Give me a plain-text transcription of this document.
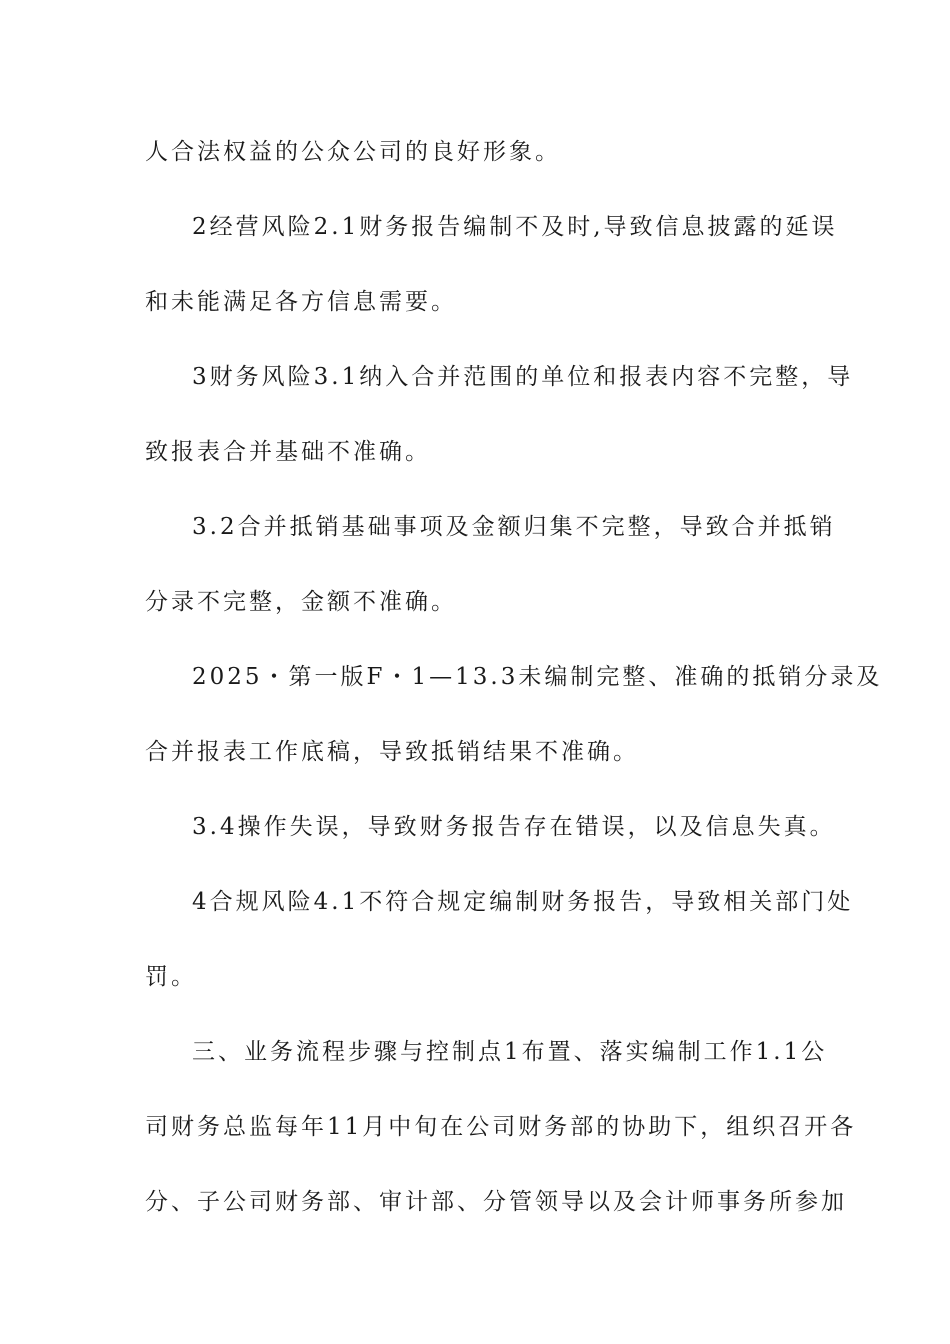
人合法权益的公众公司的良好形象。
2经营风险2.1财务报告编制不及时,导致信息披露的延误
和未能满足各方信息需要。
3财务风险3.1纳入合并范围的单位和报表内容不完整，导
致报表合并基础不准确。
3.2合并抵销基础事项及金额归集不完整，导致合并抵销
分录不完整，金额不准确。
2025・第一版F・1—13.3未编制完整、准确的抵销分录及
合并报表工作底稿，导致抵销结果不准确。
3.4操作失误，导致财务报告存在错误，以及信息失真。
4合规风险4.1不符合规定编制财务报告，导致相关部门处
罚。
三、业务流程步骤与控制点1布置、落实编制工作1.1公
司财务总监每年11月中旬在公司财务部的协助下，组织召开各
分、子公司财务部、审计部、分管领导以及会计师事务所参加
